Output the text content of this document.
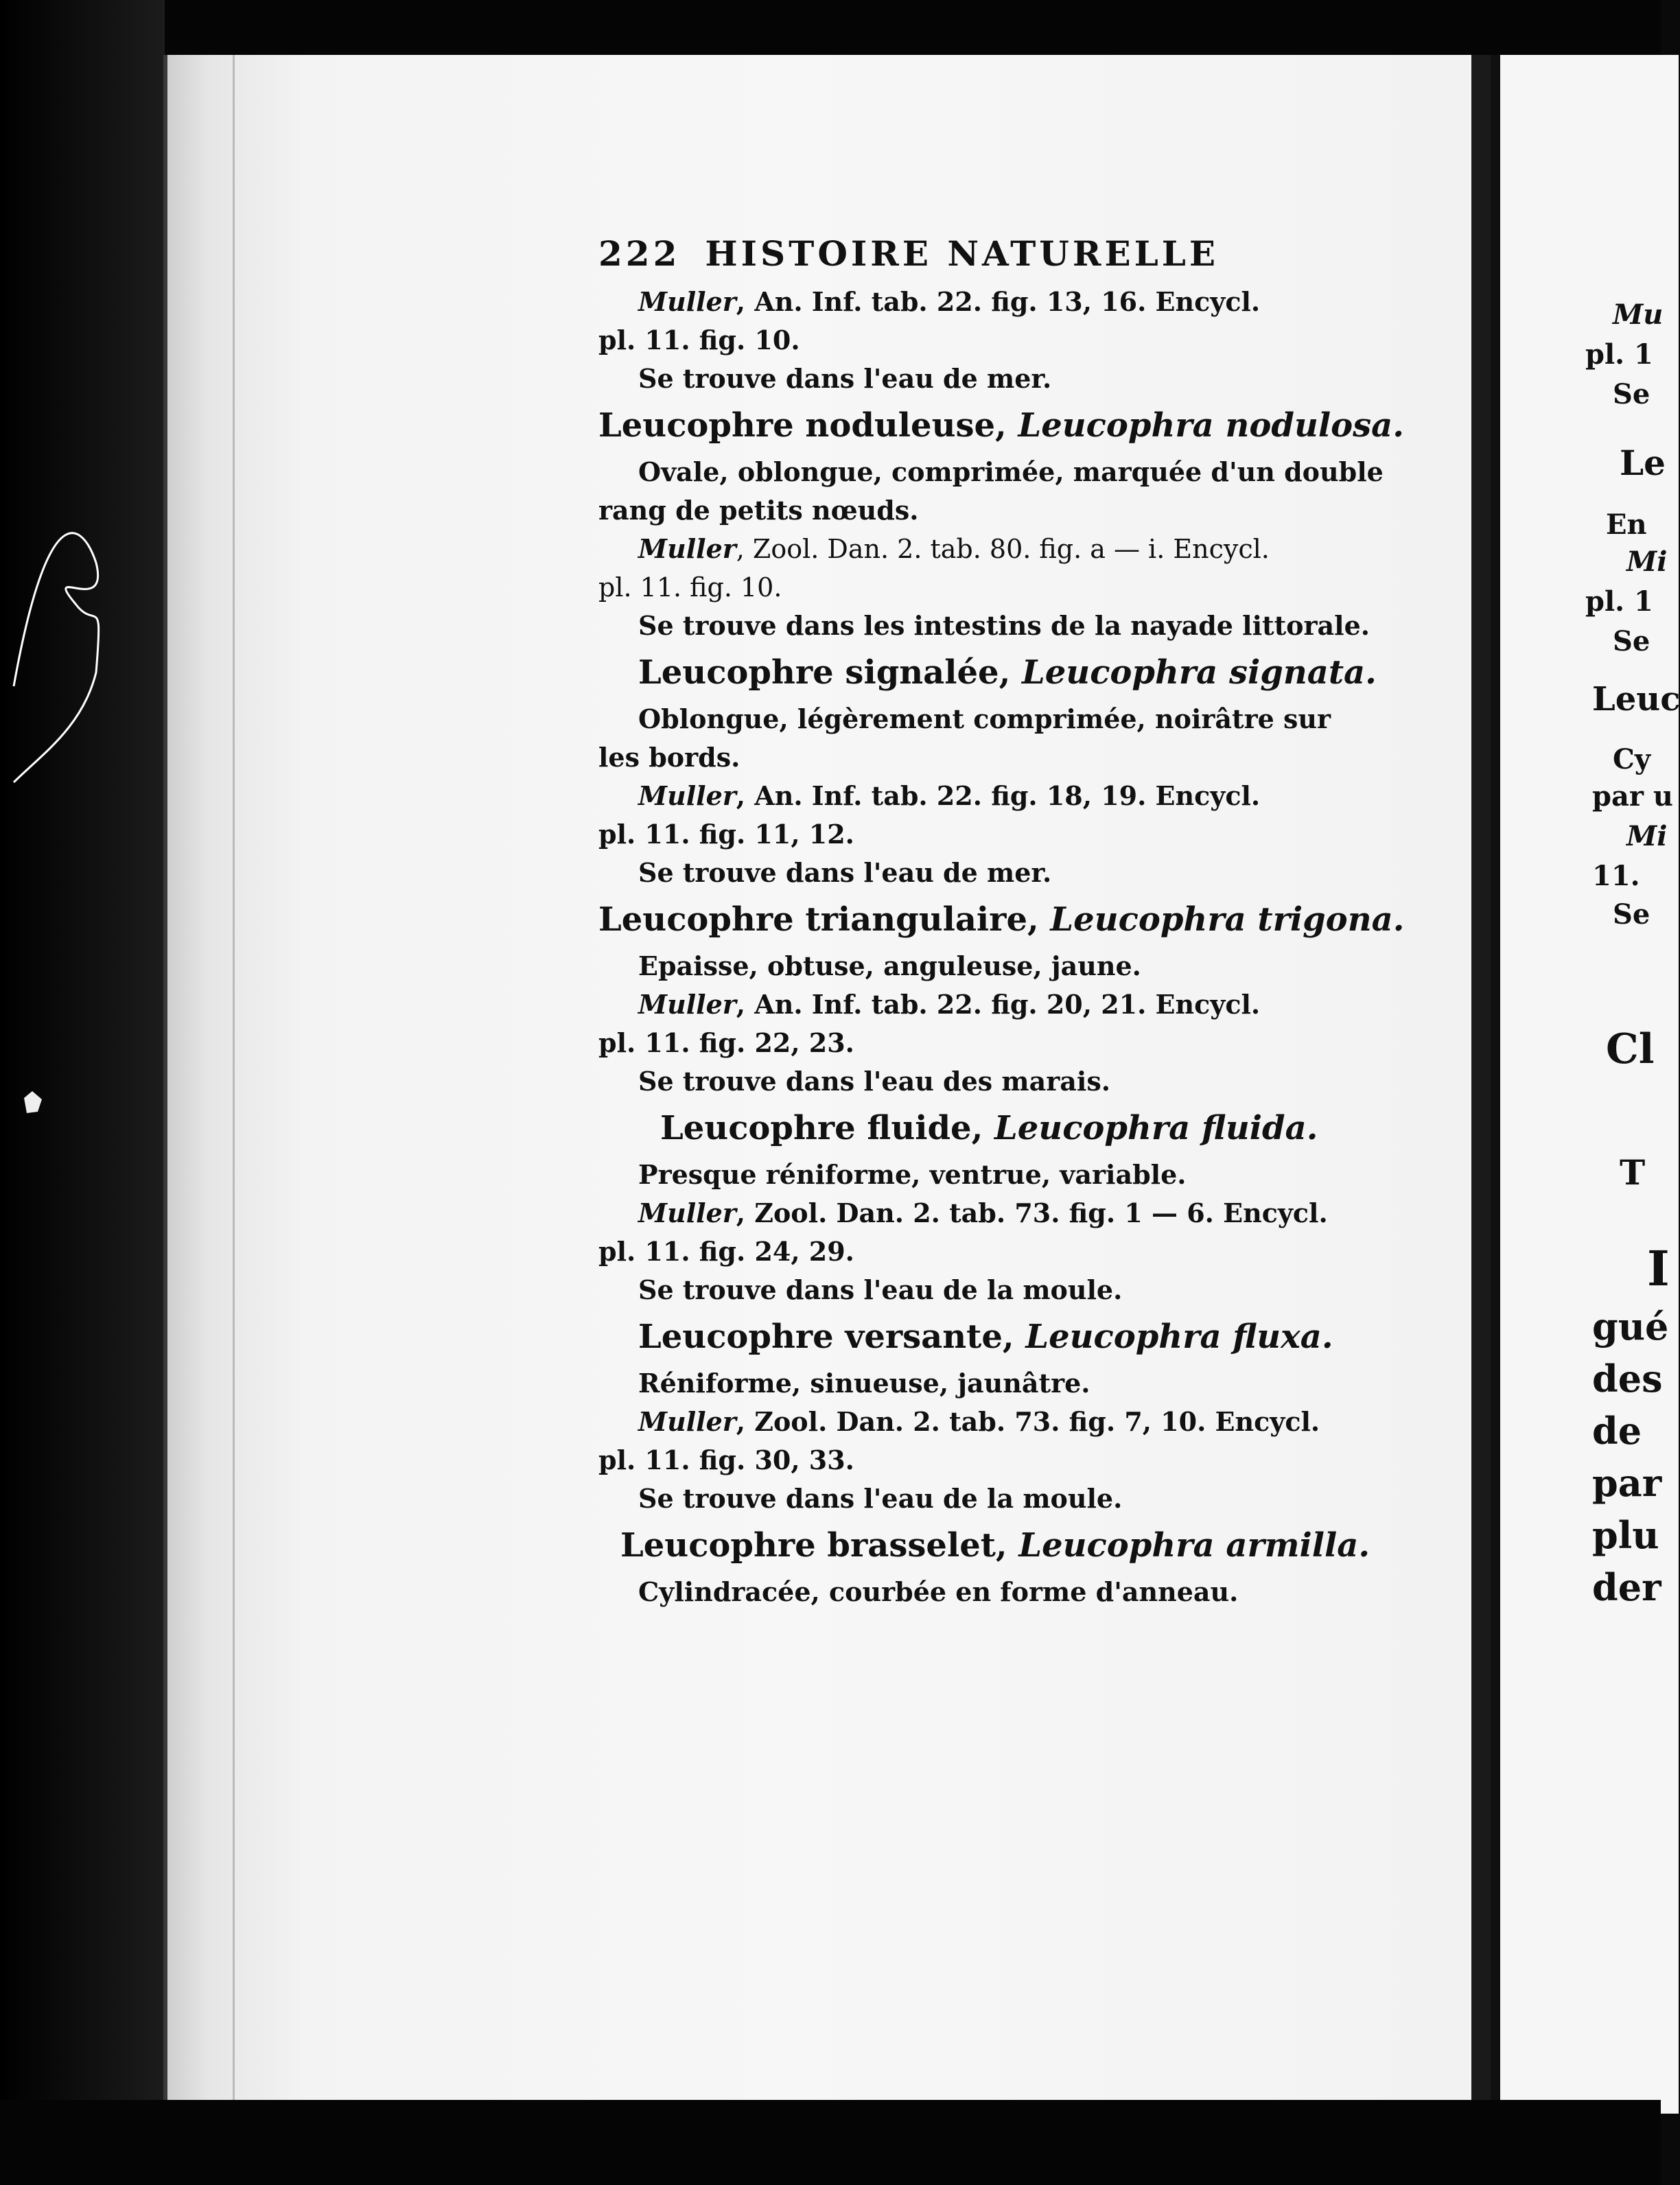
222 HISTOIRE NATURELLE
Muller, An. Inf. tab. 22. fig. 13, 16. Encycl.
pl. 11. fig. 10.
Se trouve dans l'eau de mer.
Leucophre noduleuse, Leucophra nodulosa.
Ovale, oblongue, comprimée, marquée d'un double
rang de petits nœuds.
Muller, Zool. Dan. 2. tab. 80. fig. a — i. Encycl.
pl. 11. fig. 10.
Se trouve dans les intestins de la nayade littorale.
Leucophre signalée, Leucophra signata.
Oblongue, légèrement comprimée, noirâtre sur
les bords.
Muller, An. Inf. tab. 22. fig. 18, 19. Encycl.
pl. 11. fig. 11, 12.
Se trouve dans l'eau de mer.
Leucophre triangulaire, Leucophra trigona.
Epaisse, obtuse, anguleuse, jaune.
Muller, An. Inf. tab. 22. fig. 20, 21. Encycl.
pl. 11. fig. 22, 23.
Se trouve dans l'eau des marais.
Leucophre fluide, Leucophra fluida.
Presque réniforme, ventrue, variable.
Muller, Zool. Dan. 2. tab. 73. fig. 1 — 6. Encycl.
pl. 11. fig. 24, 29.
Se trouve dans l'eau de la moule.
Leucophre versante, Leucophra fluxa.
Réniforme, sinueuse, jaunâtre.
Muller, Zool. Dan. 2. tab. 73. fig. 7, 10. Encycl.
pl. 11. fig. 30, 33.
Se trouve dans l'eau de la moule.
Leucophre brasselet, Leucophra armilla.
Cylindracée, courbée en forme d'anneau.
Mu
pl. 1
Se
Le
En
Mi
pl. 1
Se
Leuc
Cy
par u
Mi
11.
Se
Cl
T
I
gué
des
de
par
plu
der
